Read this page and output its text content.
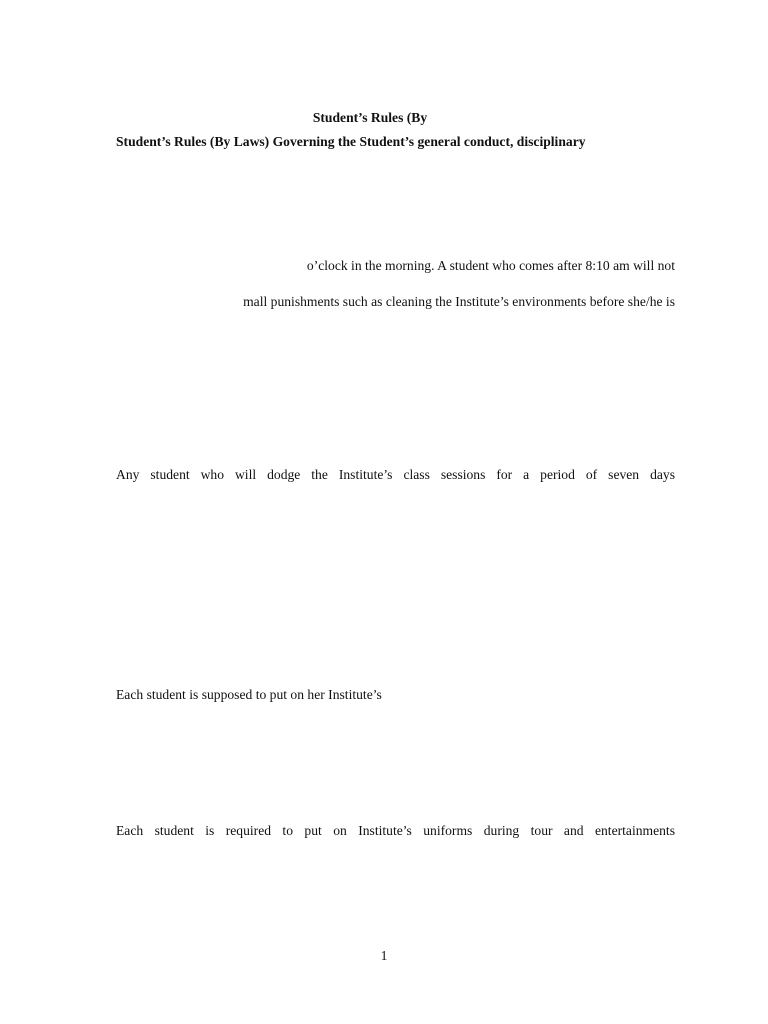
Student’s Rules (By
Student’s Rules (By Laws) Governing the Student’s general conduct, disciplinary
o’clock in the morning. A student who comes after 8:10 am will not
mall punishments such as cleaning the Institute’s environments before she/he is
Any student who will dodge the Institute’s class sessions for a period of seven days
Each student is supposed to put on her Institute’s
Each student is required to put on Institute’s uniforms during tour and entertainments
1
